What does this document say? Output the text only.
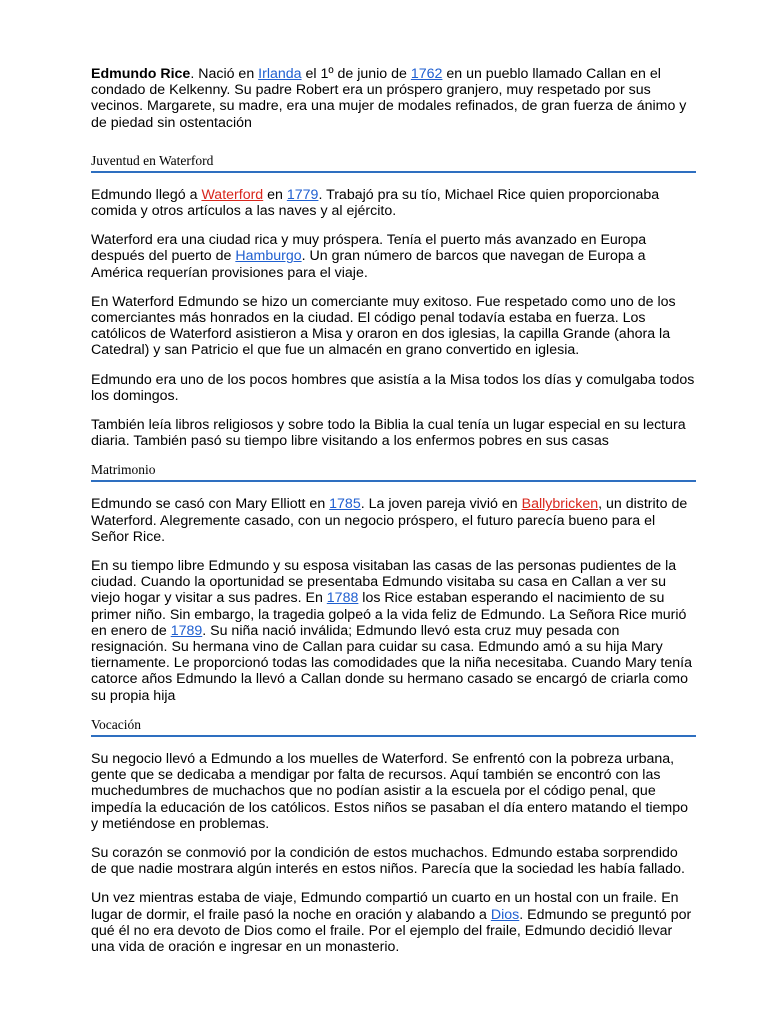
Edmundo Rice. Nació en Irlanda el 1º de junio de 1762 en un pueblo llamado Callan en el condado de Kelkenny. Su padre Robert era un próspero granjero, muy respetado por sus vecinos. Margarete, su madre, era una mujer de modales refinados, de gran fuerza de ánimo y de piedad sin ostentación

Juventud en Waterford

Edmundo llegó a Waterford en 1779. Trabajó pra su tío, Michael Rice quien proporcionaba comida y otros artículos a las naves y al ejército.

Waterford era una ciudad rica y muy próspera. Tenía el puerto más avanzado en Europa después del puerto de Hamburgo. Un gran número de barcos que navegan de Europa a América requerían provisiones para el viaje.

En Waterford Edmundo se hizo un comerciante muy exitoso. Fue respetado como uno de los comerciantes más honrados en la ciudad. El código penal todavía estaba en fuerza. Los católicos de Waterford asistieron a Misa y oraron en dos iglesias, la capilla Grande (ahora la Catedral) y san Patricio el que fue un almacén en grano convertido en iglesia.

Edmundo era uno de los pocos hombres que asistía a la Misa todos los días y comulgaba todos los domingos.

También leía libros religiosos y sobre todo la Biblia la cual tenía un lugar especial en su lectura diaria. También pasó su tiempo libre visitando a los enfermos pobres en sus casas

Matrimonio

Edmundo se casó con Mary Elliott en 1785. La joven pareja vivió en Ballybricken, un distrito de Waterford. Alegremente casado, con un negocio próspero, el futuro parecía bueno para el Señor Rice.

En su tiempo libre Edmundo y su esposa visitaban las casas de las personas pudientes de la ciudad. Cuando la oportunidad se presentaba Edmundo visitaba su casa en Callan a ver su viejo hogar y visitar a sus padres. En 1788 los Rice estaban esperando el nacimiento de su primer niño. Sin embargo, la tragedia golpeó a la vida feliz de Edmundo. La Señora Rice murió en enero de 1789. Su niña nació inválida; Edmundo llevó esta cruz muy pesada con resignación. Su hermana vino de Callan para cuidar su casa. Edmundo amó a su hija Mary tiernamente. Le proporcionó todas las comodidades que la niña necesitaba. Cuando Mary tenía catorce años Edmundo la llevó a Callan donde su hermano casado se encargó de criarla como su propia hija

Vocación

Su negocio llevó a Edmundo a los muelles de Waterford. Se enfrentó con la pobreza urbana, gente que se dedicaba a mendigar por falta de recursos. Aquí también se encontró con las muchedumbres de muchachos que no podían asistir a la escuela por el código penal, que impedía la educación de los católicos. Estos niños se pasaban el día entero matando el tiempo y metiéndose en problemas.

Su corazón se conmovió por la condición de estos muchachos. Edmundo estaba sorprendido de que nadie mostrara algún interés en estos niños. Parecía que la sociedad les había fallado.

Un vez mientras estaba de viaje, Edmundo compartió un cuarto en un hostal con un fraile. En lugar de dormir, el fraile pasó la noche en oración y alabando a Dios. Edmundo se preguntó por qué él no era devoto de Dios como el fraile. Por el ejemplo del fraile, Edmundo decidió llevar una vida de oración e ingresar en un monasterio.
